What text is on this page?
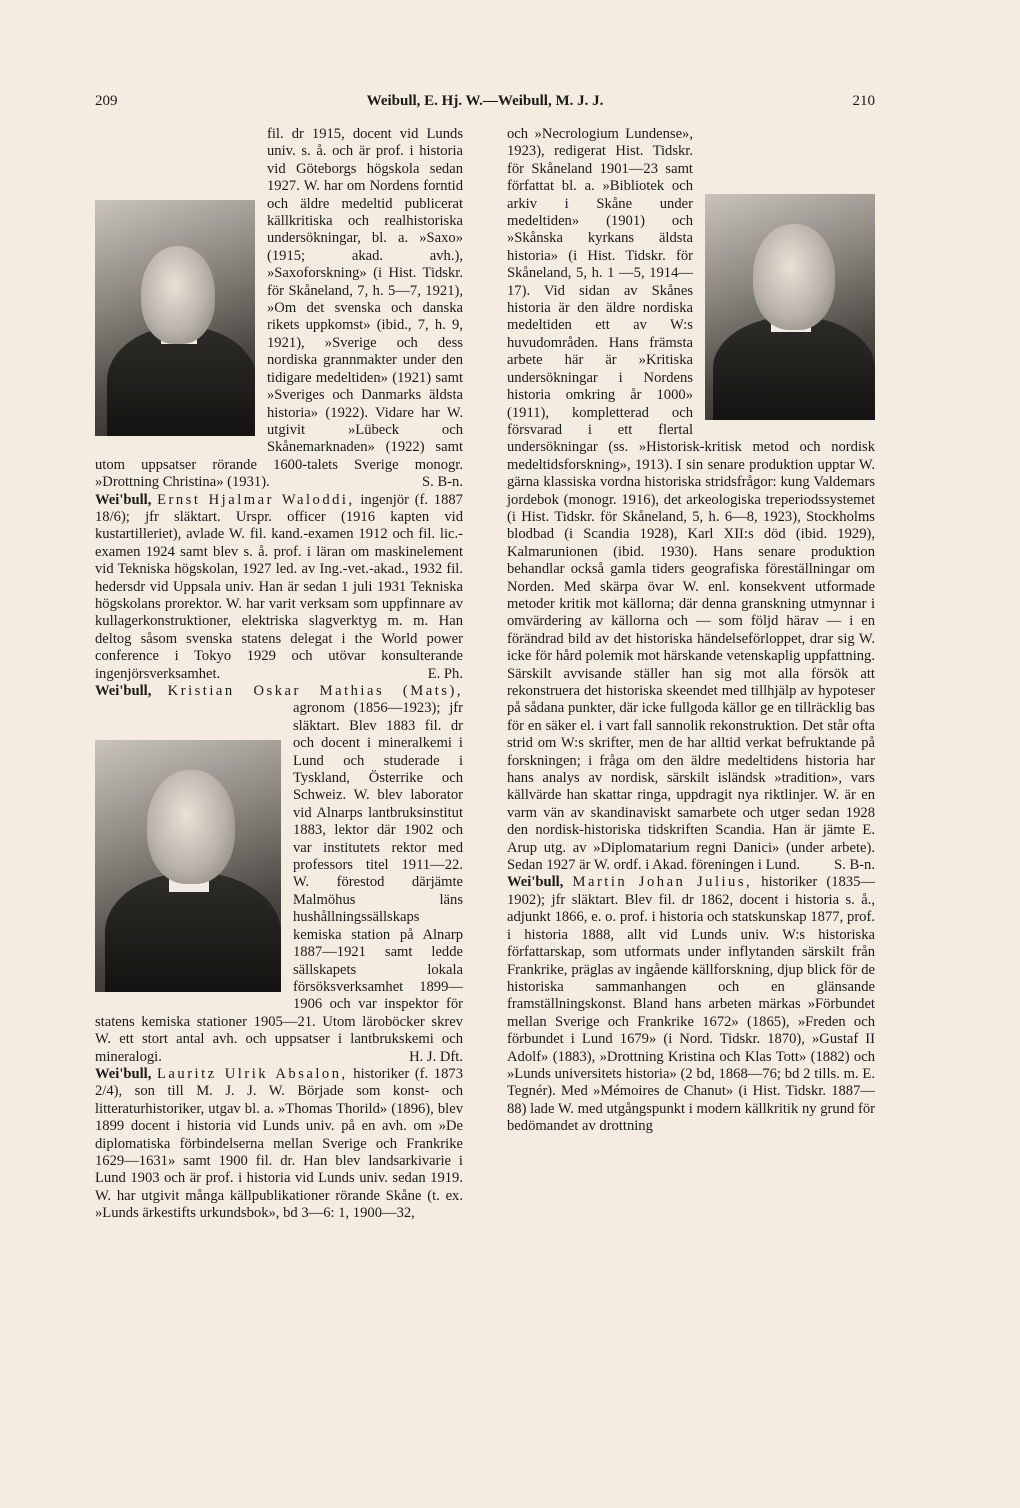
209	Weibull, E. Hj. W.—Weibull, M. J. J.	210

fil. dr 1915, docent vid Lunds univ. s. å. och är prof. i historia vid Göteborgs högskola sedan 1927. W. har om Nordens forntid och äldre medeltid publicerat källkritiska och realhistoriska undersökningar, bl. a. »Saxo» (1915; akad. avh.), »Saxoforskning» (i Hist. Tidskr. för Skåneland, 7, h. 5—7, 1921), »Om det svenska och danska rikets uppkomst» (ibid., 7, h. 9, 1921), »Sverige och dess nordiska grannmakter under den tidigare medeltiden» (1921) samt »Sveriges och Danmarks äldsta historia» (1922). Vidare har W. utgivit »Lübeck och Skånemarknaden» (1922) samt utom uppsatser rörande 1600-talets Sverige monogr. »Drottning Christina» (1931).	S. B-n.

Wei'bull, Ernst Hjalmar Waloddi, ingenjör (f. 1887 18/6); jfr släktart. Urspr. officer (1916 kapten vid kustartilleriet), avlade W. fil. kand.-examen 1912 och fil. lic.-examen 1924 samt blev s. å. prof. i läran om maskinelement vid Tekniska högskolan, 1927 led. av Ing.-vet.-akad., 1932 fil. hedersdr vid Uppsala univ. Han är sedan 1 juli 1931 Tekniska högskolans prorektor. W. har varit verksam som uppfinnare av kullagerkonstruktioner, elektriska slagverktyg m. m. Han deltog såsom svenska statens delegat i the World power conference i Tokyo 1929 och utövar konsulterande ingenjörsverksamhet.	E. Ph.

Wei'bull, Kristian Oskar Mathias (Mats),
agronom (1856—1923); jfr släktart. Blev 1883 fil. dr och docent i mineralkemi i Lund och studerade i Tyskland, Österrike och Schweiz. W. blev laborator vid Alnarps lantbruksinstitut 1883, lektor där 1902 och var institutets rektor med professors titel 1911—22. W. förestod därjämte Malmöhus läns hushållningssällskaps kemiska station på Alnarp 1887—1921 samt ledde sällskapets lokala försöksverksamhet 1899—1906 och var inspektor för statens kemiska stationer 1905—21. Utom läroböcker skrev W. ett stort antal avh. och uppsatser i lantbrukskemi och mineralogi.	H. J. Dft.

Wei'bull, Lauritz Ulrik Absalon, historiker (f. 1873 2/4), son till M. J. J. W. Började som konst- och litteraturhistoriker, utgav bl. a. »Thomas Thorild» (1896), blev 1899 docent i historia vid Lunds univ. på en avh. om »De diplomatiska förbindelserna mellan Sverige och Frankrike 1629—1631» samt 1900 fil. dr. Han blev landsarkivarie i Lund 1903 och är prof. i historia vid Lunds univ. sedan 1919. W. har utgivit många källpublikationer rörande Skåne (t. ex. »Lunds ärkestifts urkundsbok», bd 3—6: 1, 1900—32,

och »Necrologium Lundense», 1923), redigerat Hist. Tidskr. för Skåneland 1901—23 samt författat bl. a. »Bibliotek och arkiv i Skåne under medeltiden» (1901) och »Skånska kyrkans äldsta historia» (i Hist. Tidskr. för Skåneland, 5, h. 1 —5, 1914—17). Vid sidan av Skånes historia är den äldre nordiska medeltiden ett av W:s huvudområden. Hans främsta arbete här är »Kritiska undersökningar i Nordens historia omkring år 1000» (1911), kompletterad och försvarad i ett flertal undersökningar (ss. »Historisk-kritisk metod och nordisk medeltidsforskning», 1913). I sin senare produktion upptar W. gärna klassiska vordna historiska stridsfrågor: kung Valdemars jordebok (monogr. 1916), det arkeologiska treperiodssystemet (i Hist. Tidskr. för Skåneland, 5, h. 6—8, 1923), Stockholms blodbad (i Scandia 1928), Karl XII:s död (ibid. 1929), Kalmarunionen (ibid. 1930). Hans senare produktion behandlar också gamla tiders geografiska föreställningar om Norden. Med skärpa övar W. enl. konsekvent utformade metoder kritik mot källorna; där denna granskning utmynnar i omvärdering av källorna och — som följd härav — i en förändrad bild av det historiska händelseförloppet, drar sig W. icke för hård polemik mot härskande vetenskaplig uppfattning. Särskilt avvisande ställer han sig mot alla försök att rekonstruera det historiska skeendet med tillhjälp av hypoteser på sådana punkter, där icke fullgoda källor ge en tillräcklig bas för en säker el. i vart fall sannolik rekonstruktion. Det står ofta strid om W:s skrifter, men de har alltid verkat befruktande på forskningen; i fråga om den äldre medeltidens historia har hans analys av nordisk, särskilt isländsk »tradition», vars källvärde han skattar ringa, uppdragit nya riktlinjer. W. är en varm vän av skandinaviskt samarbete och utger sedan 1928 den nordisk-historiska tidskriften Scandia. Han är jämte E. Arup utg. av »Diplomatarium regni Danici» (under arbete). Sedan 1927 är W. ordf. i Akad. föreningen i Lund. S. B-n.

Wei'bull, Martin Johan Julius, historiker (1835—1902); jfr släktart. Blev fil. dr 1862, docent i historia s. å., adjunkt 1866, e. o. prof. i historia och statskunskap 1877, prof. i historia 1888, allt vid Lunds univ. W:s historiska författarskap, som utformats under inflytanden särskilt från Frankrike, präglas av ingående källforskning, djup blick för de historiska sammanhangen och en glänsande framställningskonst. Bland hans arbeten märkas »Förbundet mellan Sverige och Frankrike 1672» (1865), »Freden och förbundet i Lund 1679» (i Nord. Tidskr. 1870), »Gustaf II Adolf» (1883), »Drottning Kristina och Klas Tott» (1882) och »Lunds universitets historia» (2 bd, 1868—76; bd 2 tills. m. E. Tegnér). Med »Mémoires de Chanut» (i Hist. Tidskr. 1887—88) lade W. med utgångspunkt i modern källkritik ny grund för bedömandet av drottning
